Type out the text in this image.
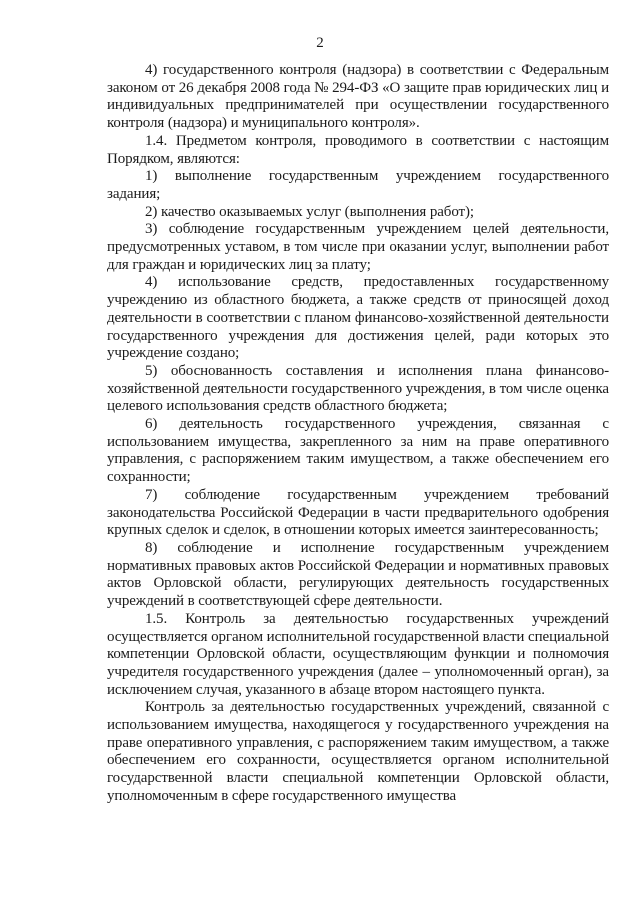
2

4) государственного контроля (надзора) в соответствии с Федеральным законом от 26 декабря 2008 года № 294-ФЗ «О защите прав юридических лиц и индивидуальных предпринимателей при осуществлении государственного контроля (надзора) и муниципального контроля».

1.4. Предметом контроля, проводимого в соответствии с настоящим Порядком, являются:

1) выполнение государственным учреждением государственного задания;

2) качество оказываемых услуг (выполнения работ);

3) соблюдение государственным учреждением целей деятельности, предусмотренных уставом, в том числе при оказании услуг, выполнении работ для граждан и юридических лиц за плату;

4) использование средств, предоставленных государственному учреждению из областного бюджета, а также средств от приносящей доход деятельности в соответствии с планом финансово-хозяйственной деятельности государственного учреждения для достижения целей, ради которых это учреждение создано;

5) обоснованность составления и исполнения плана финансово-хозяйственной деятельности государственного учреждения, в том числе оценка целевого использования средств областного бюджета;

6) деятельность государственного учреждения, связанная с использованием имущества, закрепленного за ним на праве оперативного управления, с распоряжением таким имуществом, а также обеспечением его сохранности;

7) соблюдение государственным учреждением требований законодательства Российской Федерации в части предварительного одобрения крупных сделок и сделок, в отношении которых имеется заинтересованность;

8) соблюдение и исполнение государственным учреждением нормативных правовых актов Российской Федерации и нормативных правовых актов Орловской области, регулирующих деятельность государственных учреждений в соответствующей сфере деятельности.

1.5. Контроль за деятельностью государственных учреждений осуществляется органом исполнительной государственной власти специальной компетенции Орловской области, осуществляющим функции и полномочия учредителя государственного учреждения (далее – уполномоченный орган), за исключением случая, указанного в абзаце втором настоящего пункта.

Контроль за деятельностью государственных учреждений, связанной с использованием имущества, находящегося у государственного учреждения на праве оперативного управления, с распоряжением таким имуществом, а также обеспечением его сохранности, осуществляется органом исполнительной государственной власти специальной компетенции Орловской области, уполномоченным в сфере государственного имущества
